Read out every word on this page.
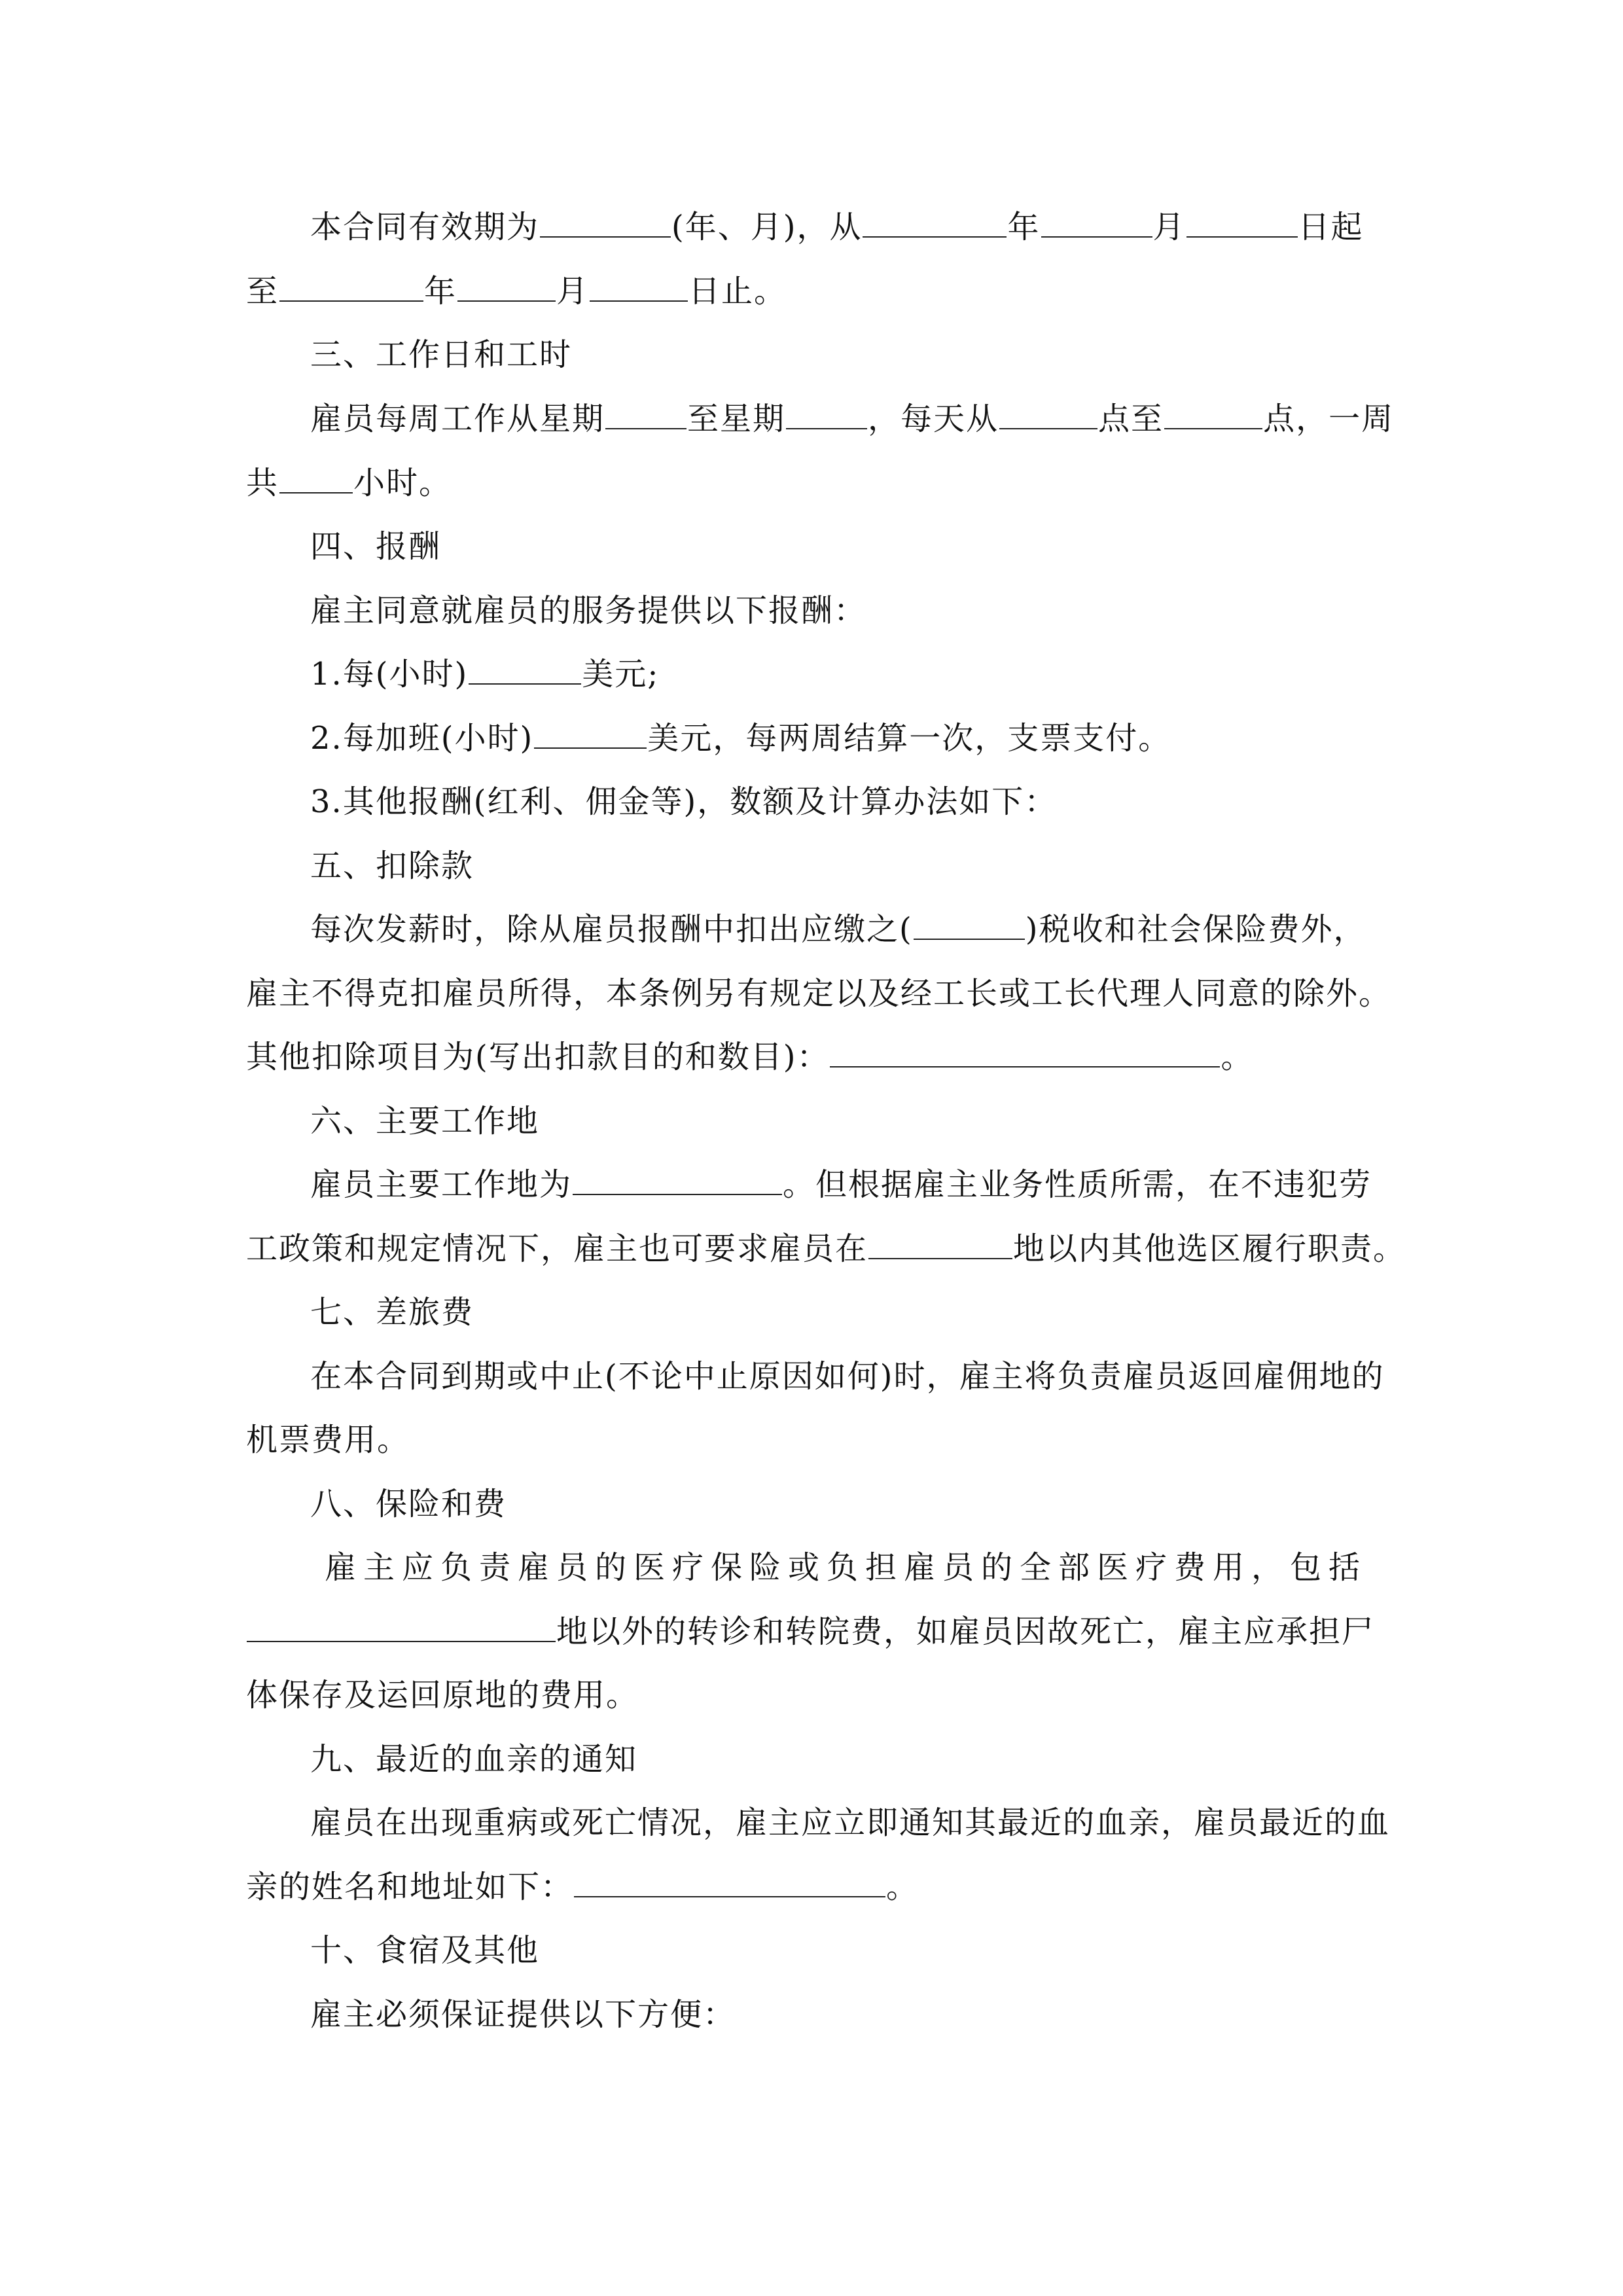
本合同有效期为	(年、月)，从	年	月	日起
至	年	月	日止。
三、工作日和工时
雇员每周工作从星期	至星期	，每天从	点至	点，一周
共 小时。
四、报酬
雇主同意就雇员的服务提供以下报酬：
1.每(小时)	美元;
2.每加班(小时)	美元，每两周结算一次，支票支付。
3.其他报酬(红利、佣金等)，数额及计算办法如下：
五、扣除款
每次发薪时，除从雇员报酬中扣出应缴之(	)税收和社会保险费外，
雇主不得克扣雇员所得，本条例另有规定以及经工长或工长代理人同意的除外。
其他扣除项目为(写出扣款目的和数目)：	。
六、主要工作地
雇员主要工作地为	。但根据雇主业务性质所需，在不违犯劳
工政策和规定情况下，雇主也可要求雇员在	地以内其他选区履行职责。
七、差旅费
在本合同到期或中止(不论中止原因如何)时，雇主将负责雇员返回雇佣地的
机票费用。
八、保险和费
雇主应负责雇员的医疗保险或负担雇员的全部医疗费用，包括
地以外的转诊和转院费，如雇员因故死亡，雇主应承担尸
体保存及运回原地的费用。
九、最近的血亲的通知
雇员在出现重病或死亡情况，雇主应立即通知其最近的血亲，雇员最近的血
亲的姓名和地址如下：	。
十、食宿及其他
雇主必须保证提供以下方便：
